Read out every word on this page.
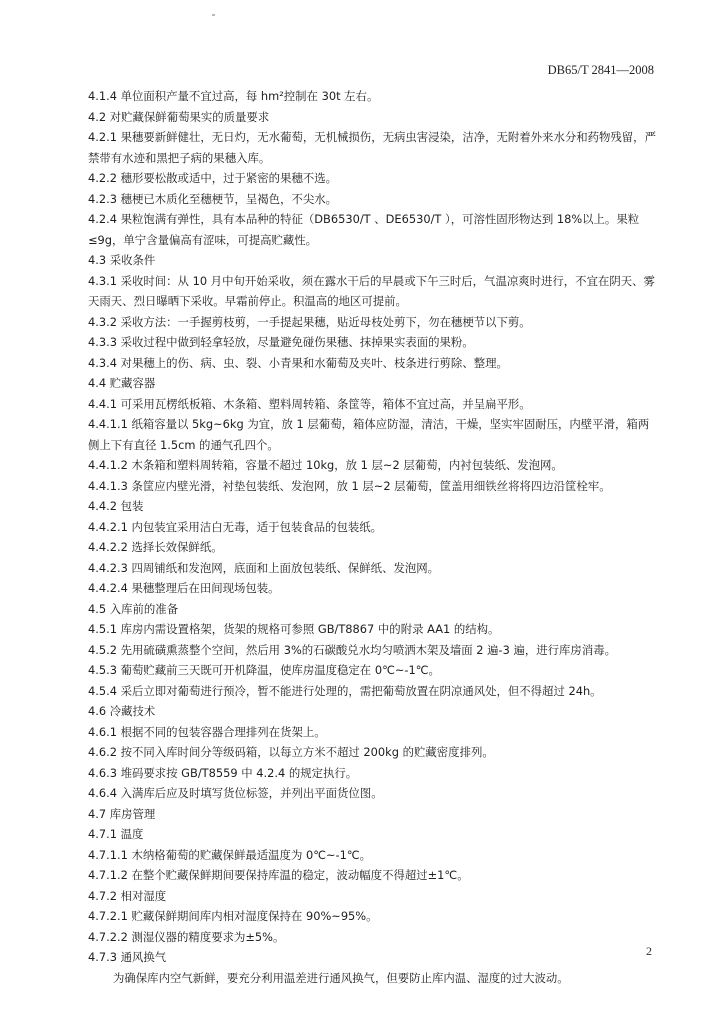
DB65/T 2841—2008
4.1.4 单位面积产量不宜过高，每 hm²控制在 30t 左右。
4.2 对贮藏保鲜葡萄果实的质量要求
4.2.1 果穗要新鲜健壮，无日灼，无水葡萄，无机械损伤，无病虫害浸染，洁净，无附着外来水分和药物残留，严禁带有水迹和黑把子病的果穗入库。
4.2.2 穗形要松散或适中，过于紧密的果穗不选。
4.2.3 穗梗已木质化至穗梗节，呈褐色，不尖水。
4.2.4 果粒饱满有弹性，具有本品种的特征（DB6530/T 、DE6530/T ），可溶性固形物达到 18%以上。果粒≤9g，单宁含量偏高有涩味，可提高贮藏性。
4.3 采收条件
4.3.1 采收时间：从 10 月中旬开始采收，须在露水干后的早晨或下午三时后，气温凉爽时进行，不宜在阴天、雾天雨天、烈日曝晒下采收。早霜前停止。积温高的地区可提前。
4.3.2 采收方法：一手握剪枝剪，一手提起果穗，贴近母枝处剪下，勿在穗梗节以下剪。
4.3.3 采收过程中做到轻拿轻放，尽量避免碰伤果穗、抹掉果实表面的果粉。
4.3.4 对果穗上的伤、病、虫、裂、小青果和水葡萄及夹叶、枝条进行剪除、整理。
4.4 贮藏容器
4.4.1 可采用瓦楞纸板箱、木条箱、塑料周转箱、条筐等，箱体不宜过高，并呈扁平形。
4.4.1.1 纸箱容量以 5kg~6kg 为宜，放 1 层葡萄，箱体应防湿，清洁，干燥，坚实牢固耐压，内壁平滑，箱两侧上下有直径 1.5cm 的通气孔四个。
4.4.1.2 木条箱和塑料周转箱，容量不超过 10kg，放 1 层~2 层葡萄，内衬包装纸、发泡网。
4.4.1.3 条筐应内壁光滑，衬垫包装纸、发泡网，放 1 层~2 层葡萄，筐盖用细铁丝将将四边沿筐栓牢。
4.4.2 包装
4.4.2.1 内包装宜采用洁白无毒，适于包装食品的包装纸。
4.4.2.2 选择长效保鲜纸。
4.4.2.3 四周铺纸和发泡网，底面和上面放包装纸、保鲜纸、发泡网。
4.4.2.4 果穗整理后在田间现场包装。
4.5 入库前的准备
4.5.1 库房内需设置格架，货架的规格可参照 GB/T8867 中的附录 AA1 的结构。
4.5.2 先用硫磺熏蒸整个空间，然后用 3%的石碳酸兑水均匀喷洒木架及墙面 2 遍-3 遍，进行库房消毒。
4.5.3 葡萄贮藏前三天既可开机降温，使库房温度稳定在 0℃~-1℃。
4.5.4 采后立即对葡萄进行预冷，暂不能进行处理的，需把葡萄放置在阴凉通风处，但不得超过 24h。
4.6 冷藏技术
4.6.1 根据不同的包装容器合理排列在货架上。
4.6.2 按不同入库时间分等级码箱，以每立方米不超过 200kg 的贮藏密度排列。
4.6.3 堆码要求按 GB/T8559 中 4.2.4 的规定执行。
4.6.4 入满库后应及时填写货位标签，并列出平面货位图。
4.7 库房管理
4.7.1 温度
4.7.1.1 木纳格葡萄的贮藏保鲜最适温度为 0℃~-1℃。
4.7.1.2 在整个贮藏保鲜期间要保持库温的稳定，波动幅度不得超过±1℃。
4.7.2 相对湿度
4.7.2.1 贮藏保鲜期间库内相对湿度保持在 90%~95%。
4.7.2.2 测湿仪器的精度要求为±5%。
4.7.3 通风换气
为确保库内空气新鲜，要充分利用温差进行通风换气，但要防止库内温、湿度的过大波动。
2
